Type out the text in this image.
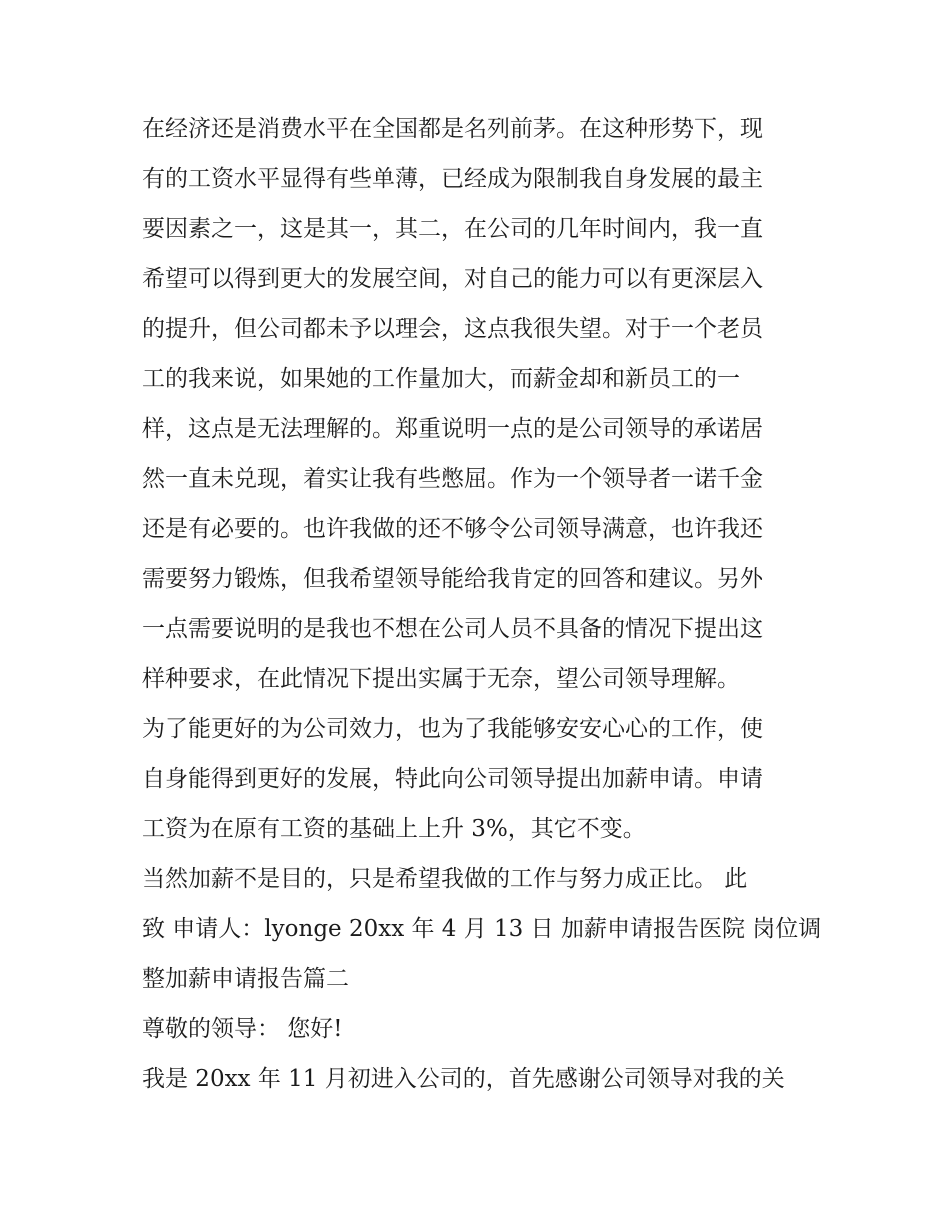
在经济还是消费水平在全国都是名列前茅。在这种形势下，现
有的工资水平显得有些单薄，已经成为限制我自身发展的最主
要因素之一，这是其一，其二，在公司的几年时间内，我一直
希望可以得到更大的发展空间，对自己的能力可以有更深层入
的提升，但公司都未予以理会，这点我很失望。对于一个老员
工的我来说，如果她的工作量加大，而薪金却和新员工的一
样，这点是无法理解的。郑重说明一点的是公司领导的承诺居
然一直未兑现，着实让我有些憋屈。作为一个领导者一诺千金
还是有必要的。也许我做的还不够令公司领导满意，也许我还
需要努力锻炼，但我希望领导能给我肯定的回答和建议。另外
一点需要说明的是我也不想在公司人员不具备的情况下提出这
样种要求，在此情况下提出实属于无奈，望公司领导理解。
为了能更好的为公司效力，也为了我能够安安心心的工作，使
自身能得到更好的发展，特此向公司领导提出加薪申请。申请
工资为在原有工资的基础上上升 3%，其它不变。
当然加薪不是目的，只是希望我做的工作与努力成正比。 此
致 申请人：lyonge 20xx 年 4 月 13 日 加薪申请报告医院 岗位调
整加薪申请报告篇二
尊敬的领导： 您好!
我是 20xx 年 11 月初进入公司的，首先感谢公司领导对我的关
